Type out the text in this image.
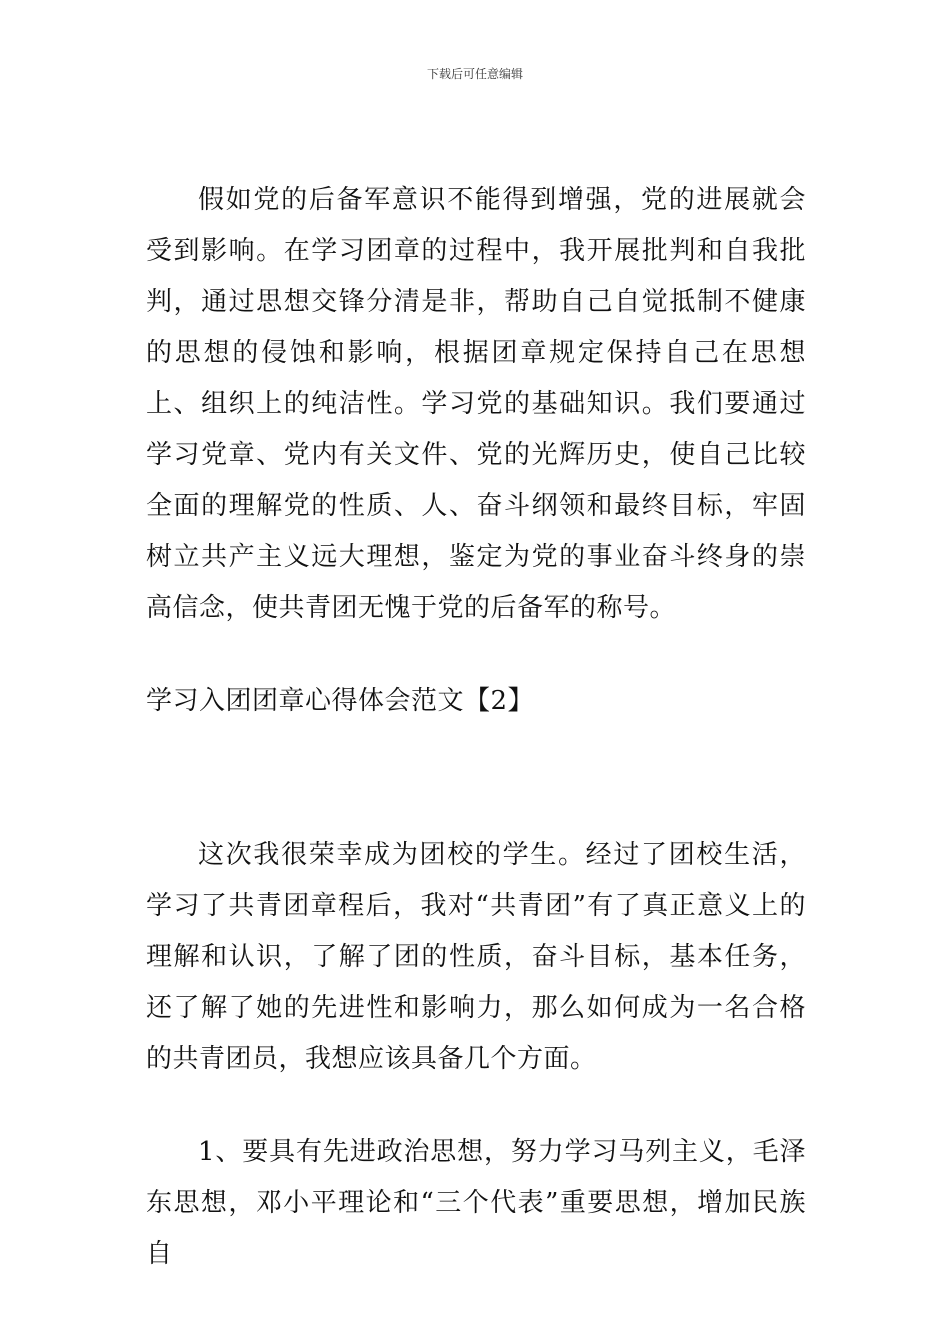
下载后可任意编辑

假如党的后备军意识不能得到增强，党的进展就会受到影响。在学习团章的过程中，我开展批判和自我批判，通过思想交锋分清是非，帮助自己自觉抵制不健康的思想的侵蚀和影响，根据团章规定保持自己在思想上、组织上的纯洁性。学习党的基础知识。我们要通过学习党章、党内有关文件、党的光辉历史，使自己比较全面的理解党的性质、人、奋斗纲领和最终目标，牢固树立共产主义远大理想，鉴定为党的事业奋斗终身的崇高信念，使共青团无愧于党的后备军的称号。

学习入团团章心得体会范文【2】

这次我很荣幸成为团校的学生。经过了团校生活，学习了共青团章程后，我对“共青团”有了真正意义上的理解和认识，了解了团的性质，奋斗目标，基本任务，还了解了她的先进性和影响力，那么如何成为一名合格的共青团员，我想应该具备几个方面。

1、要具有先进政治思想，努力学习马列主义，毛泽东思想，邓小平理论和“三个代表”重要思想，增加民族自
